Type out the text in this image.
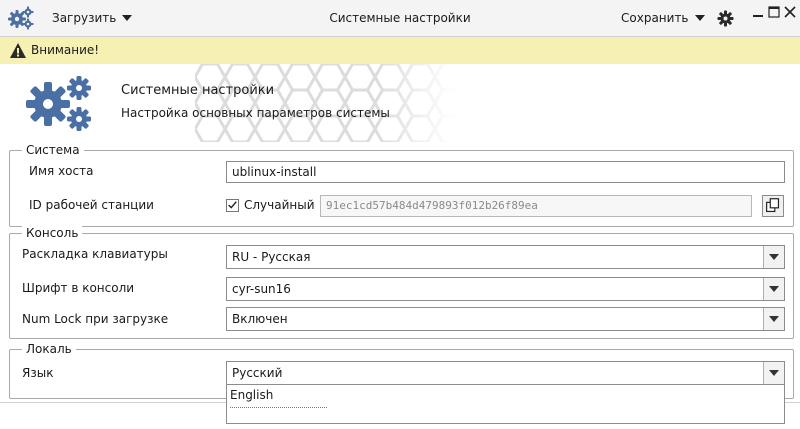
Загрузить	Системные настройки	Сохранить
Внимание!
Системные настройки
Настройка основных параметров системы
Система
Имя хоста	ublinux-install
ID рабочей станции	Случайный	91ec1cd57b484d479893f012b26f89ea
Консоль
Раскладка клавиатуры	RU - Русская
Шрифт в консоли	cyr-sun16
Num Lock при загрузке	Включен
Локаль
Язык	Русский
English
